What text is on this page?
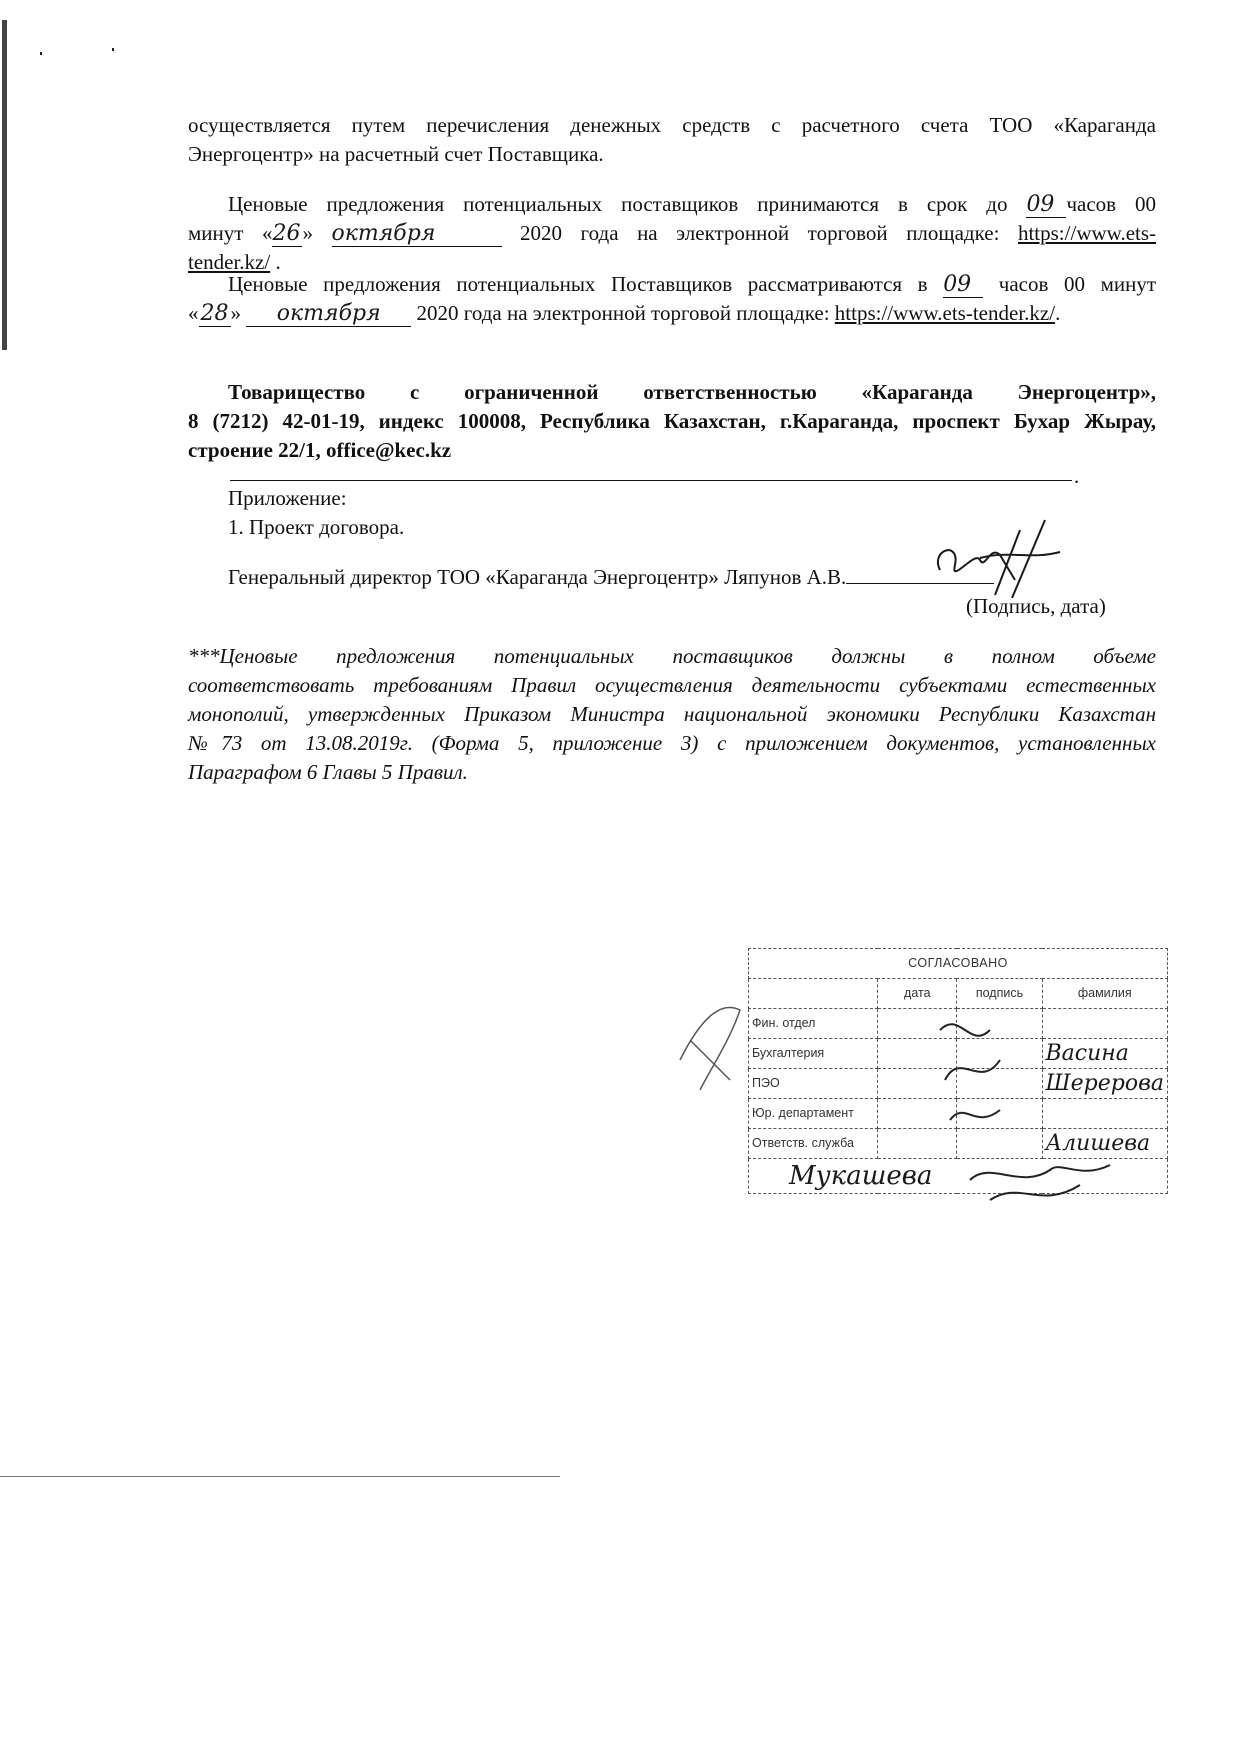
осуществляется путем перечисления денежных средств с расчетного счета ТОО «Караганда
Энергоцентр» на расчетный счет Поставщика.
Ценовые предложения потенциальных поставщиков принимаются в срок до 09 часов 00
минут «26» октября	2020 года на электронной торговой площадке: https://www.ets-
tender.kz/ .
Ценовые предложения потенциальных Поставщиков рассматриваются в 09 часов 00 минут
«28» октября 2020 года на электронной торговой площадке: https://www.ets-tender.kz/.
Товарищество с ограниченной ответственностью «Караганда Энергоцентр»,
8 (7212) 42-01-19, индекс 100008, Республика Казахстан, г.Караганда, проспект Бухар Жырау,
строение 22/1, office@kec.kz
.
Приложение:
1. Проект договора.
Генеральный директор ТОО «Караганда Энергоцентр» Ляпунов А.В.
(Подпись, дата)
***Ценовые предложения потенциальных поставщиков должны в полном объеме
соответствовать требованиям Правил осуществления деятельности субъектами естественных
монополий, утвержденных Приказом Министра национальной экономики Республики Казахстан
№73 от 13.08.2019г. (Форма 5, приложение 3) с приложением документов, установленных
Параграфом 6 Главы 5 Правил.
СОГЛАСОВАНО			
	дата	подпись	фамилия
Фин. отдел			
Бухгалтерия			Васина
ПЭО			Шерерова
Юр. департамент			
Ответств. служба			Алишева
Мукашева			
